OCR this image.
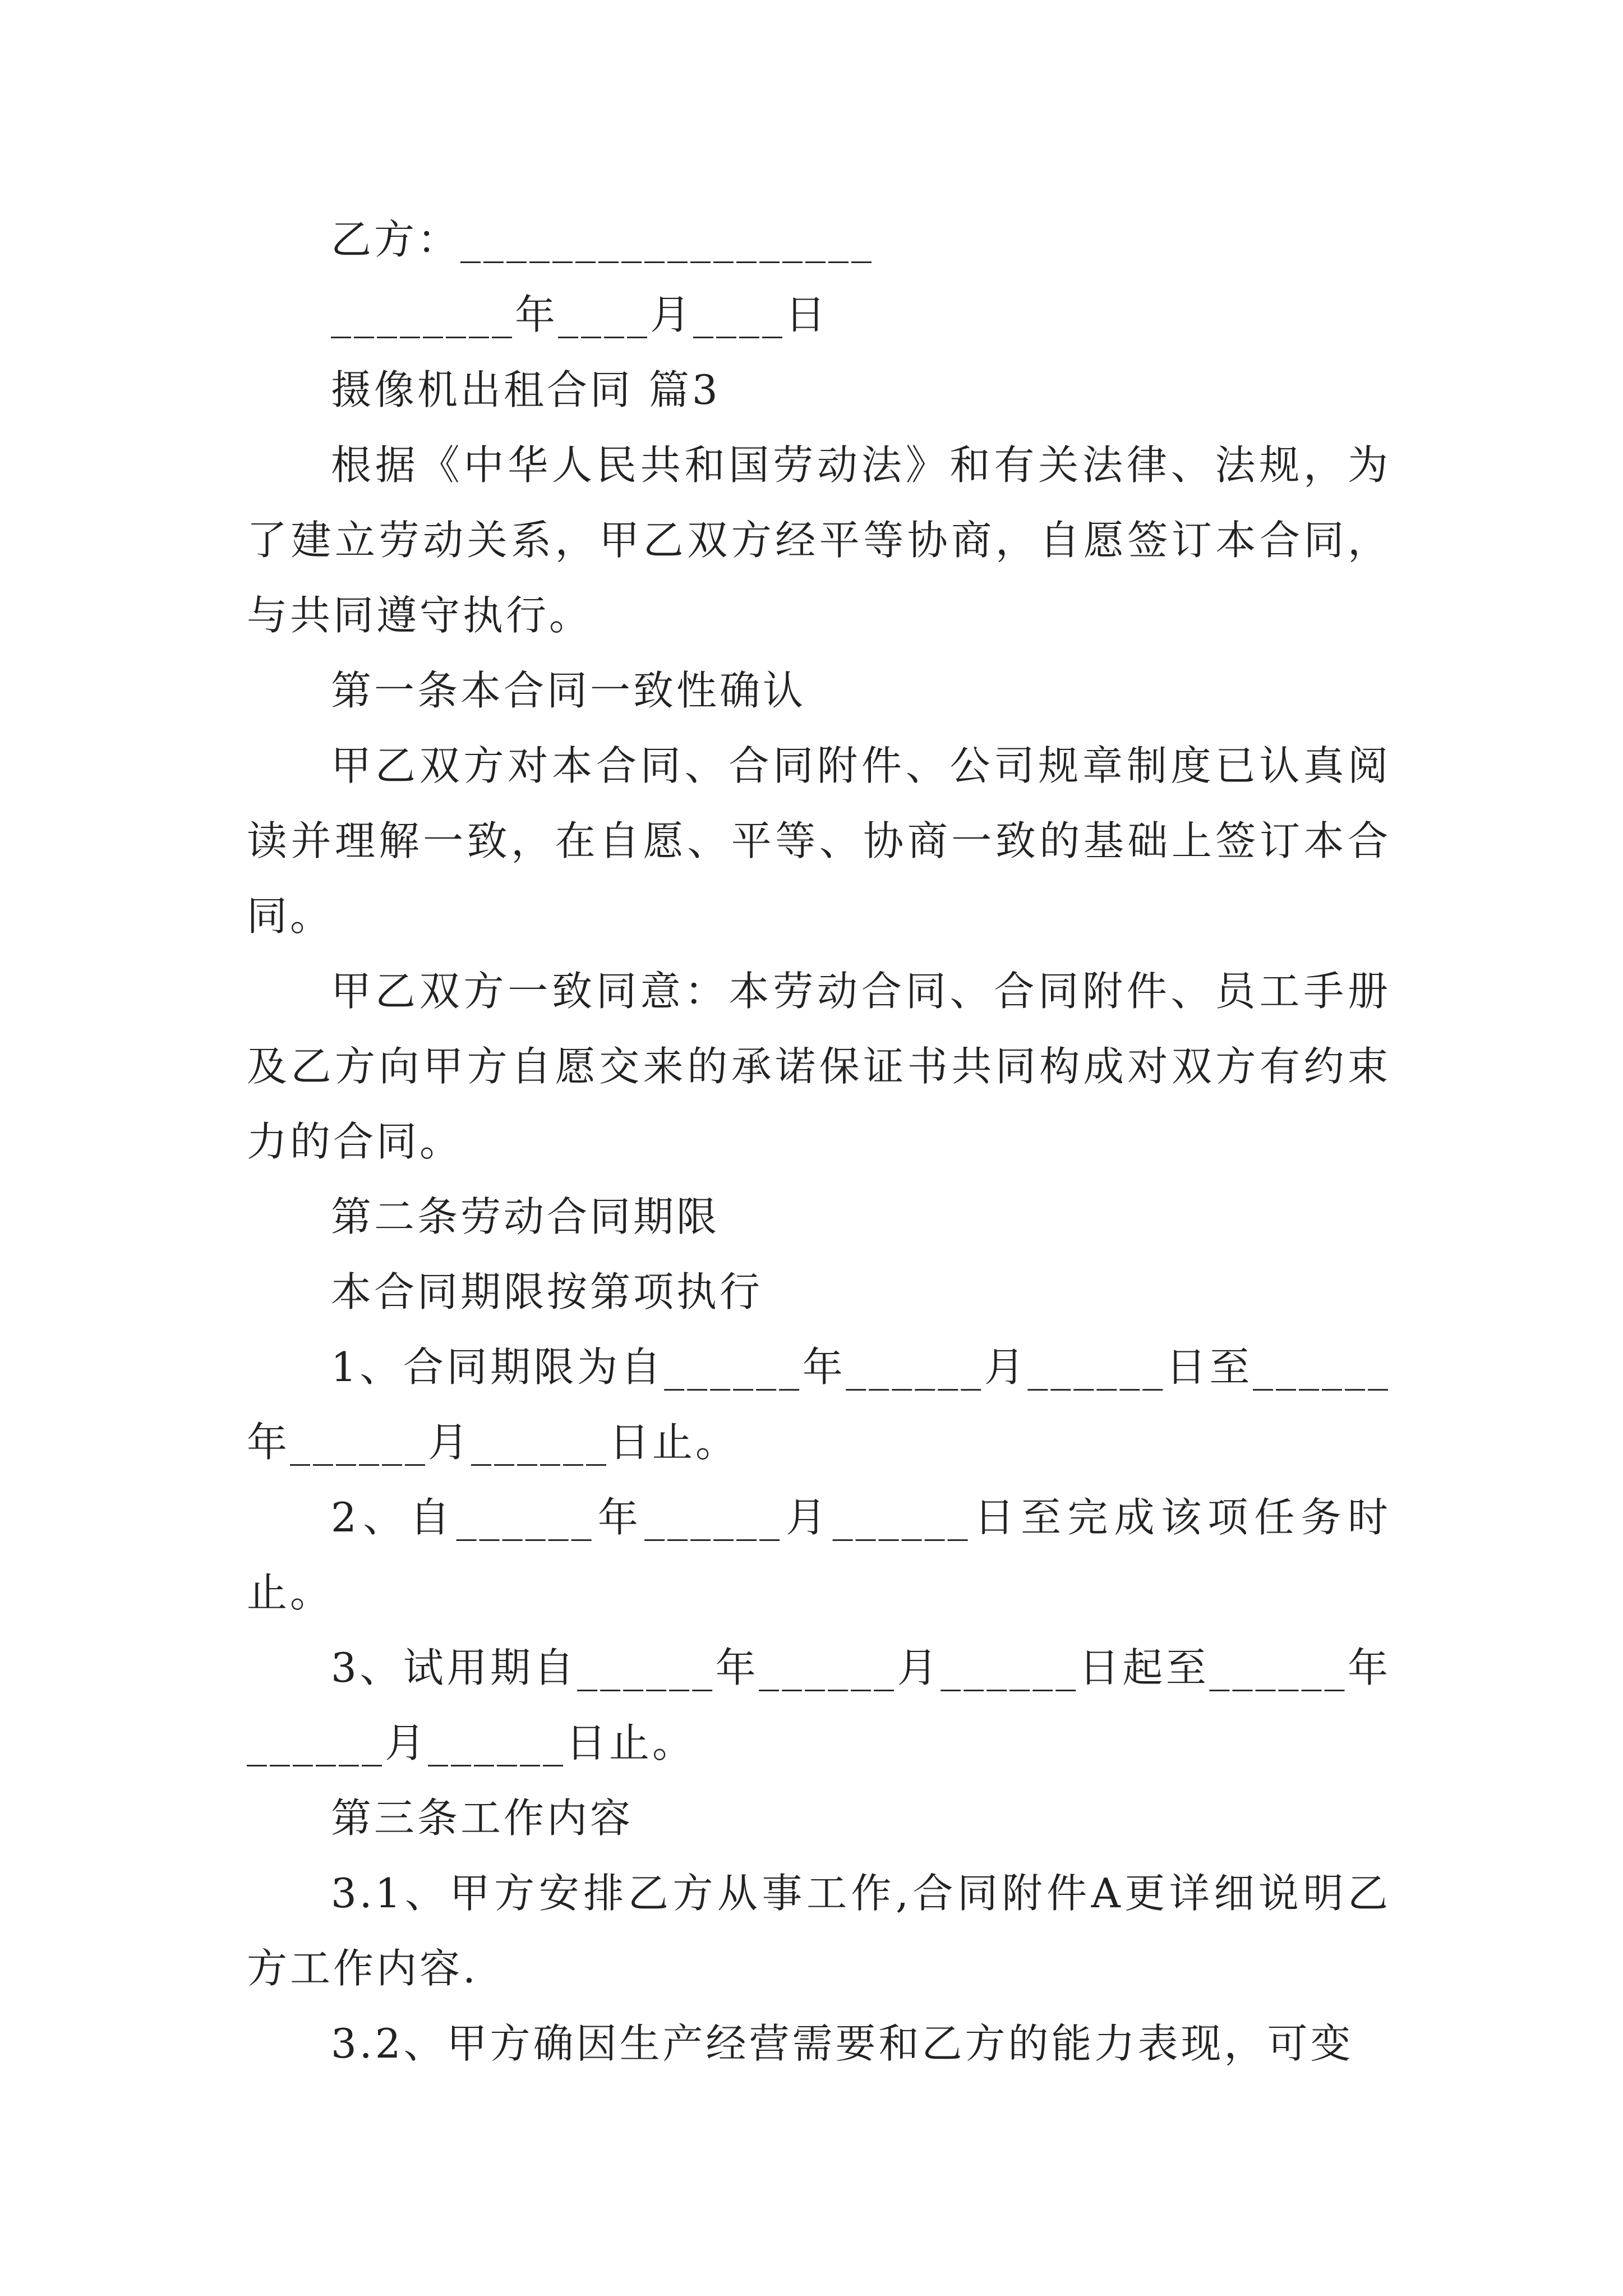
乙方：__________________

________年____月____日

摄像机出租合同 篇3

根据《中华人民共和国劳动法》和有关法律、法规，为了建立劳动关系，甲乙双方经平等协商，自愿签订本合同，与共同遵守执行。

第一条本合同一致性确认

甲乙双方对本合同、合同附件、公司规章制度已认真阅读并理解一致，在自愿、平等、协商一致的基础上签订本合同。

甲乙双方一致同意：本劳动合同、合同附件、员工手册及乙方向甲方自愿交来的承诺保证书共同构成对双方有约束力的合同。

第二条劳动合同期限

本合同期限按第项执行

1、合同期限为自______年______月______日至______年______月______日止。

2、自______年______月______日至完成该项任务时止。

3、试用期自______年______月______日起至______年______月______日止。

第三条工作内容

3.1、甲方安排乙方从事工作,合同附件A更详细说明乙方工作内容.

3.2、甲方确因生产经营需要和乙方的能力表现，可变
